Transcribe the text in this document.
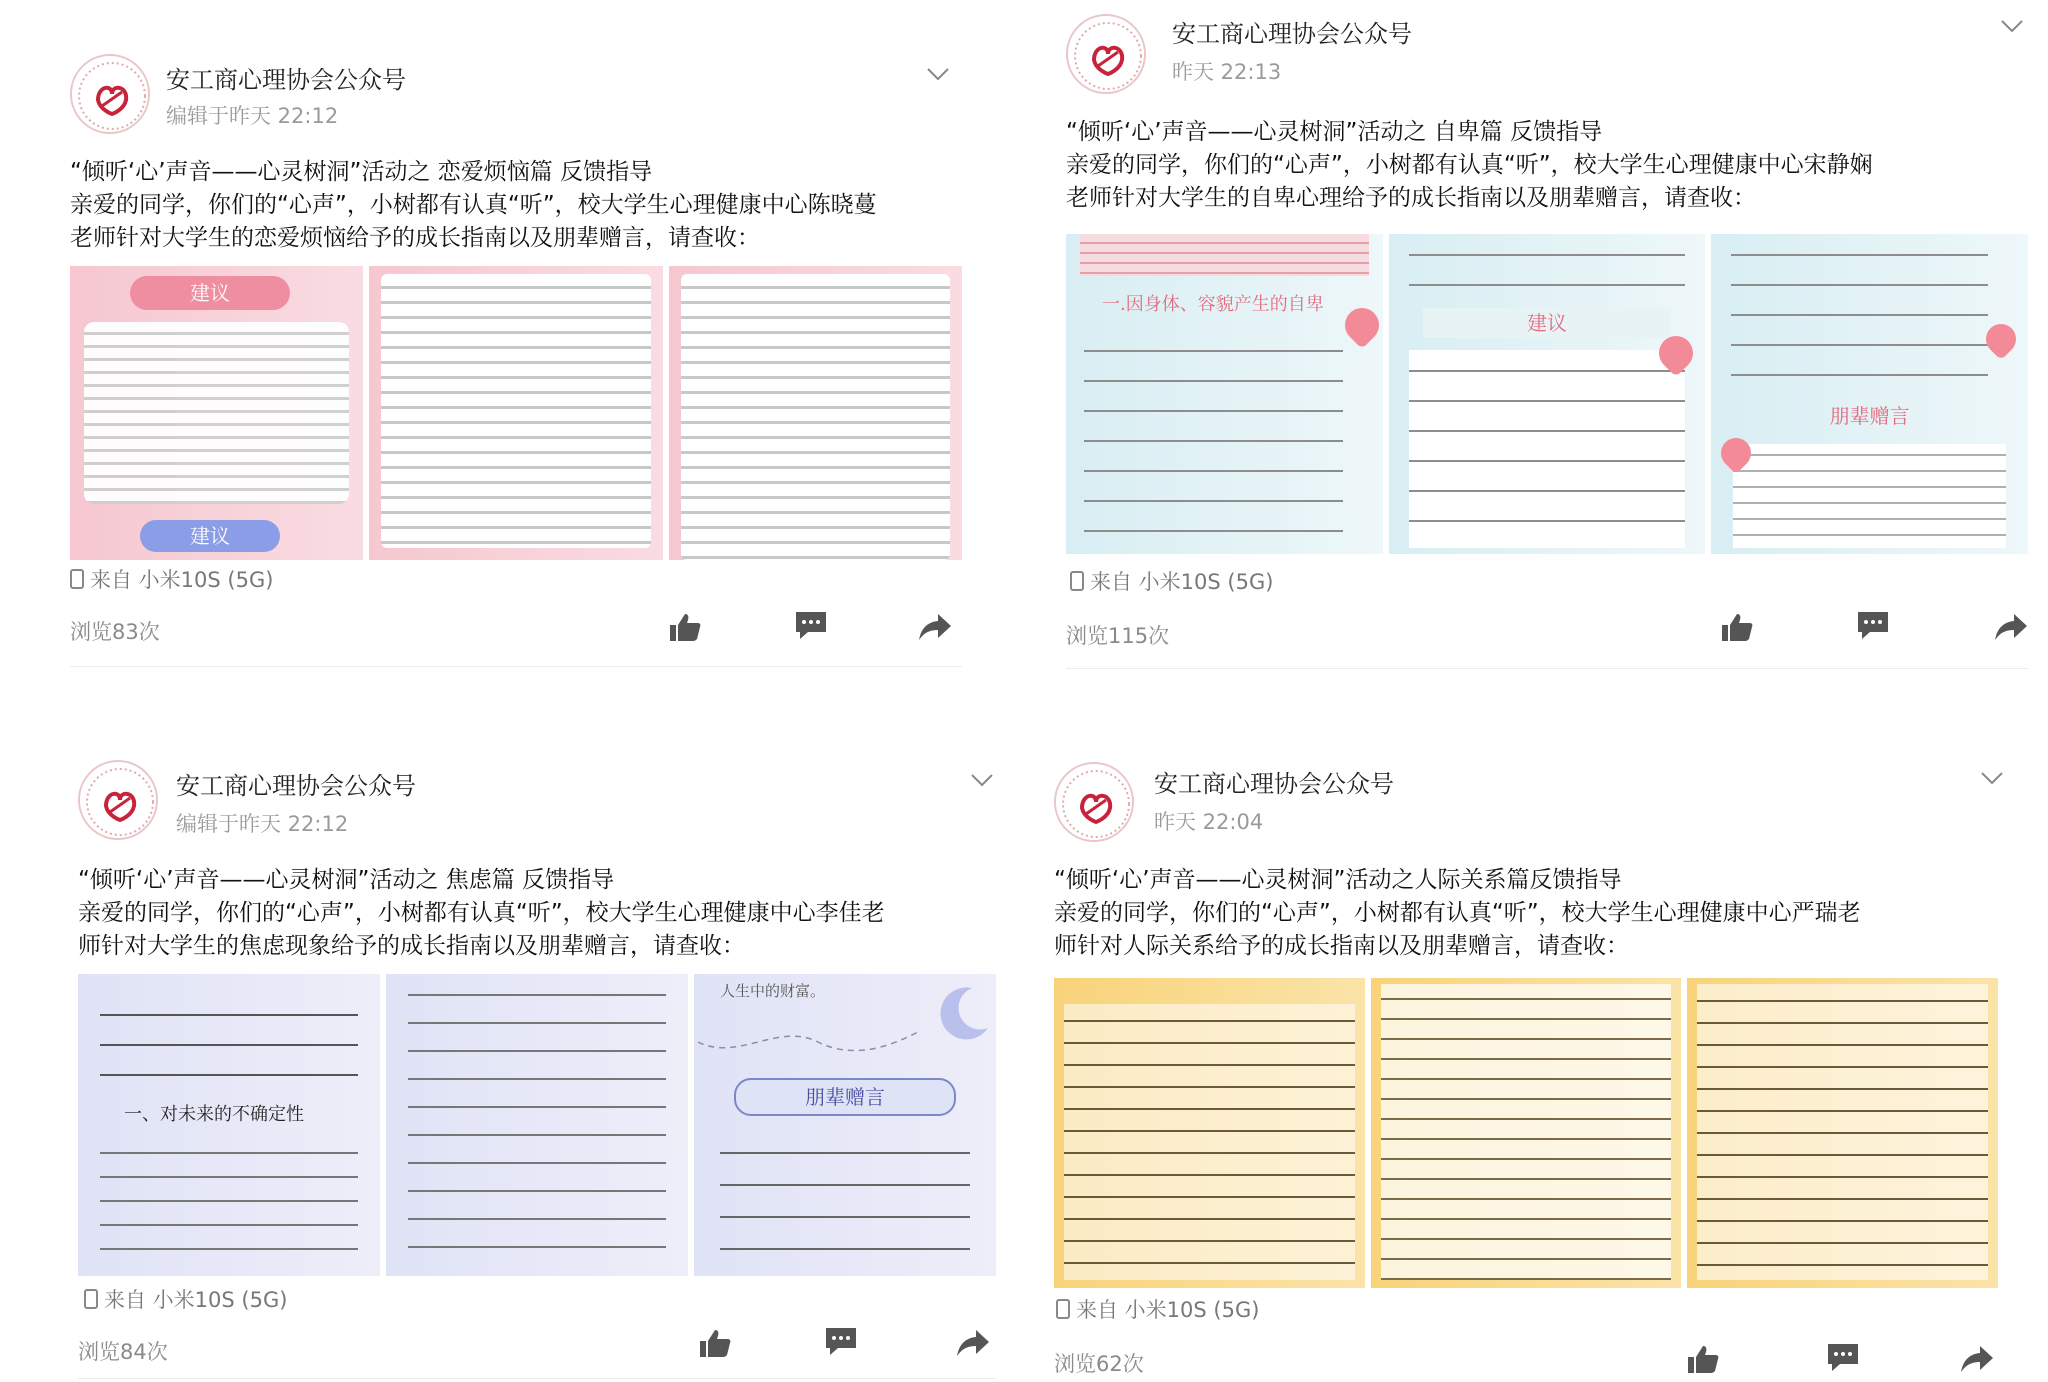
安工商心理协会公众号
编辑于昨天 22:12

“倾听‘心’声音——心灵树洞”活动之 恋爱烦恼篇 反馈指导

亲爱的同学，你们的“心声”，小树都有认真“听”，校大学生心理健康中心陈晓蔓

老师针对大学生的恋爱烦恼给予的成长指南以及朋辈赠言，请查收：

建议
建议
来自 小米10S (5G)
浏览83次
安工商心理协会公众号
昨天 22:13

“倾听‘心’声音——心灵树洞”活动之 自卑篇 反馈指导

亲爱的同学，你们的“心声”，小树都有认真“听”，校大学生心理健康中心宋静娴

老师针对大学生的自卑心理给予的成长指南以及朋辈赠言，请查收：

一.因身体、容貌产生的自卑
建议
朋辈赠言
来自 小米10S (5G)
浏览115次
安工商心理协会公众号
编辑于昨天 22:12

“倾听‘心’声音——心灵树洞”活动之 焦虑篇 反馈指导

亲爱的同学，你们的“心声”，小树都有认真“听”，校大学生心理健康中心李佳老

师针对大学生的焦虑现象给予的成长指南以及朋辈赠言，请查收：

一、对未来的不确定性
人生中的财富。
朋辈赠言
来自 小米10S (5G)
浏览84次
安工商心理协会公众号
昨天 22:04

“倾听‘心’声音——心灵树洞”活动之人际关系篇反馈指导

亲爱的同学，你们的“心声”，小树都有认真“听”，校大学生心理健康中心严瑞老

师针对人际关系给予的成长指南以及朋辈赠言，请查收：

来自 小米10S (5G)
浏览62次
